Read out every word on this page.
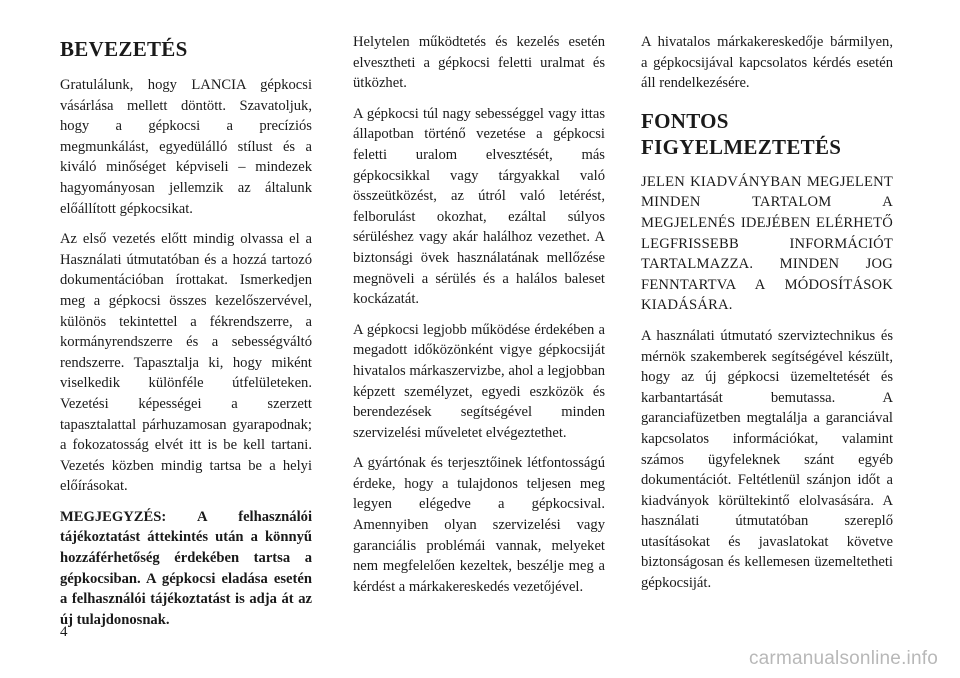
BEVEZETÉS

Gratulálunk, hogy LANCIA gépkocsi vásárlása mellett döntött. Szavatoljuk, hogy a gépkocsi a precíziós megmunkálást, egyedülálló stílust és a kiváló minőséget képviseli – mindezek hagyományosan jellemzik az általunk előállított gépkocsikat.

Az első vezetés előtt mindig olvassa el a Használati útmutatóban és a hozzá tartozó dokumentációban írottakat. Ismerkedjen meg a gépkocsi összes kezelőszervével, különös tekintettel a fékrendszerre, a kormányrendszerre és a sebességváltó rendszerre. Tapasztalja ki, hogy miként viselkedik különféle útfelületeken. Vezetési képességei a szerzett tapasztalattal párhuzamosan gyarapodnak; a fokozatosság elvét itt is be kell tartani. Vezetés közben mindig tartsa be a helyi előírásokat.

MEGJEGYZÉS: A felhasználói tájékoztatást áttekintés után a könnyű hozzáférhetőség érdekében tartsa a gépkocsiban. A gépkocsi eladása esetén a felhasználói tájékoztatást is adja át az új tulajdonosnak.

Helytelen működtetés és kezelés esetén elvesztheti a gépkocsi feletti uralmat és ütközhet.

A gépkocsi túl nagy sebességgel vagy ittas állapotban történő vezetése a gépkocsi feletti uralom elvesztését, más gépkocsikkal vagy tárgyakkal való összeütközést, az útról való letérést, felborulást okozhat, ezáltal súlyos sérüléshez vagy akár halálhoz vezethet. A biztonsági övek használatának mellőzése megnöveli a sérülés és a halálos baleset kockázatát.

A gépkocsi legjobb működése érdekében a megadott időközönként vigye gépkocsiját hivatalos márkaszervizbe, ahol a legjobban képzett személyzet, egyedi eszközök és berendezések segítségével minden szervizelési műveletet elvégeztethet.

A gyártónak és terjesztőinek létfontosságú érdeke, hogy a tulajdonos teljesen meg legyen elégedve a gépkocsival. Amennyiben olyan szervizelési vagy garanciális problémái vannak, melyeket nem megfelelően kezeltek, beszélje meg a kérdést a márkakereskedés vezetőjével.

A hivatalos márkakereskedője bármilyen, a gépkocsijával kapcsolatos kérdés esetén áll rendelkezésére.

FONTOS FIGYELMEZTETÉS

JELEN KIADVÁNYBAN MEGJELENT MINDEN TARTALOM A MEGJELENÉS IDEJÉBEN ELÉRHETŐ LEGFRISSEBB INFORMÁCIÓT TARTALMAZZA. MINDEN JOG FENNTARTVA A MÓDOSÍTÁSOK KIADÁSÁRA.

A használati útmutató szerviztechnikus és mérnök szakemberek segítségével készült, hogy az új gépkocsi üzemeltetését és karbantartását bemutassa. A garanciafüzetben megtalálja a garanciával kapcsolatos információkat, valamint számos ügyfeleknek szánt egyéb dokumentációt. Feltétlenül szánjon időt a kiadványok körültekintő elolvasására. A használati útmutatóban szereplő utasításokat és javaslatokat követve biztonságosan és kellemesen üzemeltetheti gépkocsiját.

4
carmanualsonline.info
